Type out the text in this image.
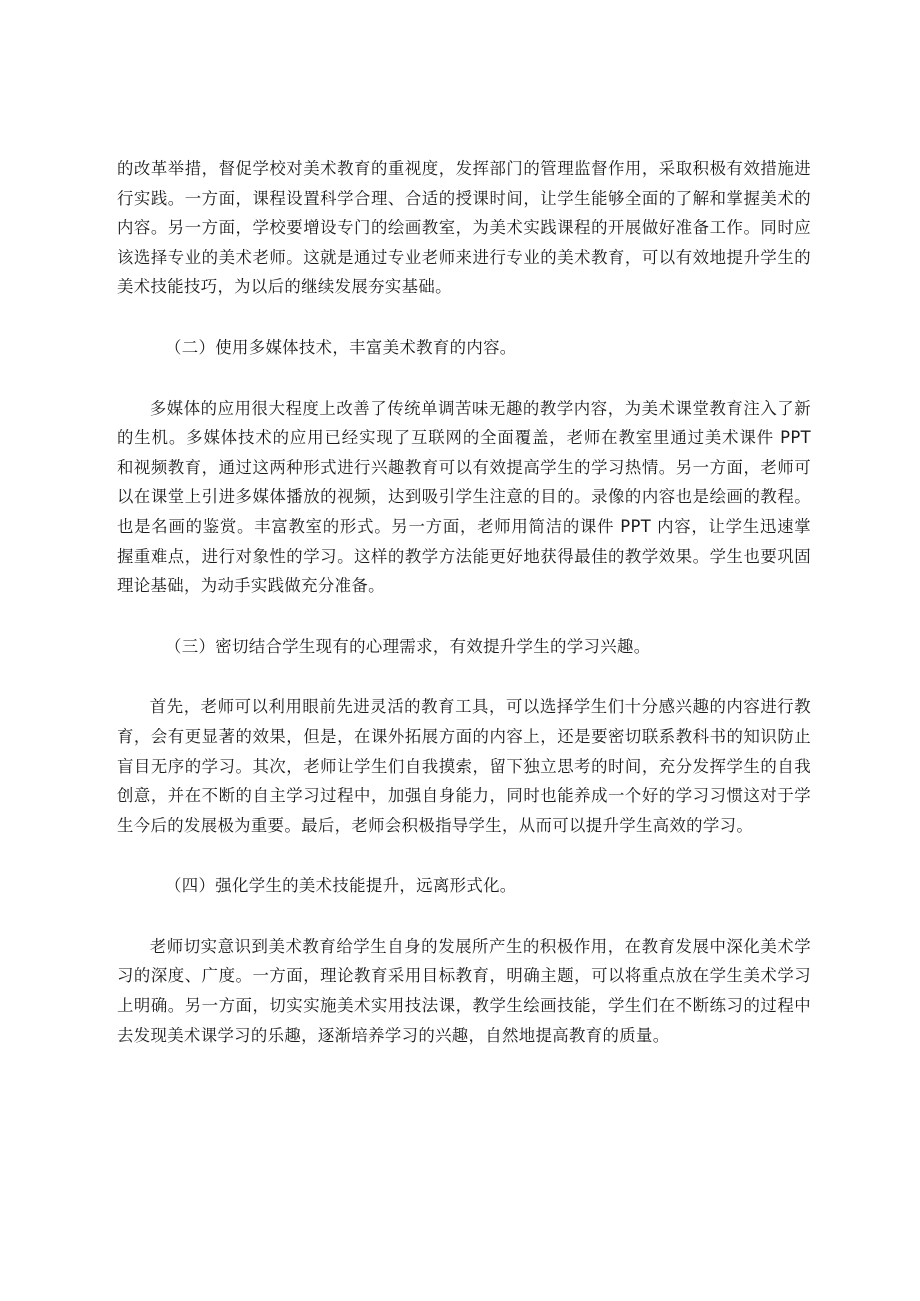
的改革举措，督促学校对美术教育的重视度，发挥部门的管理监督作用，采取积极有效措施进行实践。一方面，课程设置科学合理、合适的授课时间，让学生能够全面的了解和掌握美术的内容。另一方面，学校要增设专门的绘画教室，为美术实践课程的开展做好准备工作。同时应该选择专业的美术老师。这就是通过专业老师来进行专业的美术教育，可以有效地提升学生的美术技能技巧，为以后的继续发展夯实基础。

（二）使用多媒体技术，丰富美术教育的内容。

多媒体的应用很大程度上改善了传统单调苦味无趣的教学内容，为美术课堂教育注入了新的生机。多媒体技术的应用已经实现了互联网的全面覆盖，老师在教室里通过美术课件 PPT 和视频教育，通过这两种形式进行兴趣教育可以有效提高学生的学习热情。另一方面，老师可以在课堂上引进多媒体播放的视频，达到吸引学生注意的目的。录像的内容也是绘画的教程。也是名画的鉴赏。丰富教室的形式。另一方面，老师用简洁的课件 PPT 内容，让学生迅速掌握重难点，进行对象性的学习。这样的教学方法能更好地获得最佳的教学效果。学生也要巩固理论基础，为动手实践做充分准备。

（三）密切结合学生现有的心理需求，有效提升学生的学习兴趣。

首先，老师可以利用眼前先进灵活的教育工具，可以选择学生们十分感兴趣的内容进行教育，会有更显著的效果，但是，在课外拓展方面的内容上，还是要密切联系教科书的知识防止盲目无序的学习。其次，老师让学生们自我摸索，留下独立思考的时间，充分发挥学生的自我创意，并在不断的自主学习过程中，加强自身能力，同时也能养成一个好的学习习惯这对于学生今后的发展极为重要。最后，老师会积极指导学生，从而可以提升学生高效的学习。

（四）强化学生的美术技能提升，远离形式化。

老师切实意识到美术教育给学生自身的发展所产生的积极作用，在教育发展中深化美术学习的深度、广度。一方面，理论教育采用目标教育，明确主题，可以将重点放在学生美术学习上明确。另一方面，切实实施美术实用技法课，教学生绘画技能，学生们在不断练习的过程中去发现美术课学习的乐趣，逐渐培养学习的兴趣，自然地提高教育的质量。
